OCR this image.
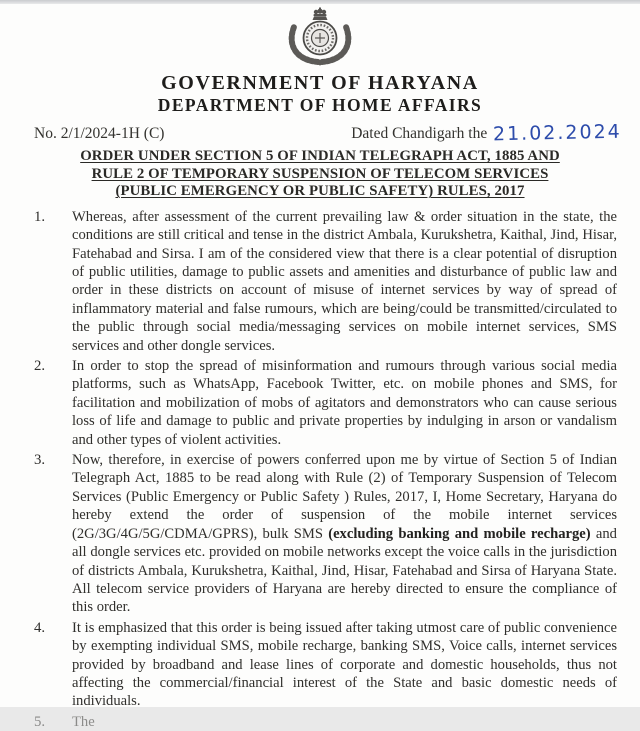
GOVERNMENT OF HARYANA
DEPARTMENT OF HOME AFFAIRS
No. 2/1/2024-1H (C)	Dated Chandigarh the 21.02.2024
ORDER UNDER SECTION 5 OF INDIAN TELEGRAPH ACT, 1885 AND
RULE 2 OF TEMPORARY SUSPENSION OF TELECOM SERVICES
(PUBLIC EMERGENCY OR PUBLIC SAFETY) RULES, 2017
1.	Whereas, after assessment of the current prevailing law & order situation in the state, the conditions are still critical and tense in the district Ambala, Kurukshetra, Kaithal, Jind, Hisar, Fatehabad and Sirsa. I am of the considered view that there is a clear potential of disruption of public utilities, damage to public assets and amenities and disturbance of public law and order in these districts on account of misuse of internet services by way of spread of inflammatory material and false rumours, which are being/could be transmitted/circulated to the public through social media/messaging services on mobile internet services, SMS services and other dongle services.
2.	In order to stop the spread of misinformation and rumours through various social media platforms, such as WhatsApp, Facebook Twitter, etc. on mobile phones and SMS, for facilitation and mobilization of mobs of agitators and demonstrators who can cause serious loss of life and damage to public and private properties by indulging in arson or vandalism and other types of violent activities.
3.	Now, therefore, in exercise of powers conferred upon me by virtue of Section 5 of Indian Telegraph Act, 1885 to be read along with Rule (2) of Temporary Suspension of Telecom Services (Public Emergency or Public Safety ) Rules, 2017, I, Home Secretary, Haryana do hereby extend the order of suspension of the mobile internet services (2G/3G/4G/5G/CDMA/GPRS), bulk SMS (excluding banking and mobile recharge) and all dongle services etc. provided on mobile networks except the voice calls in the jurisdiction of districts Ambala, Kurukshetra, Kaithal, Jind, Hisar, Fatehabad and Sirsa of Haryana State. All telecom service providers of Haryana are hereby directed to ensure the compliance of this order.
4.	It is emphasized that this order is being issued after taking utmost care of public convenience by exempting individual SMS, mobile recharge, banking SMS, Voice calls, internet services provided by broadband and lease lines of corporate and domestic households, thus not affecting the commercial/financial interest of the State and basic domestic needs of individuals.
5.	The
